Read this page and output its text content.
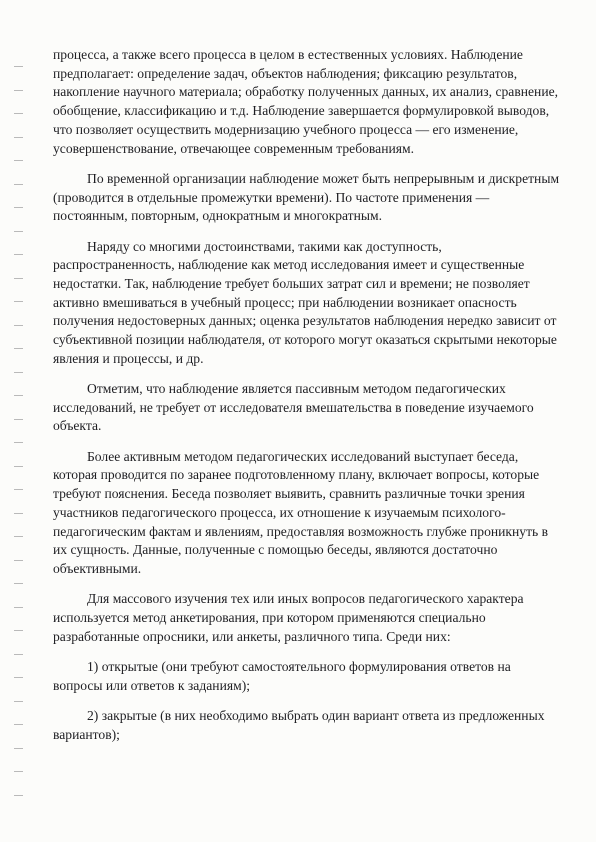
процесса, а также всего процесса в целом в естественных условиях. Наблюдение предполагает: определение задач, объектов наблюдения; фиксацию результатов, накопление научного материала; обработку полученных данных, их анализ, сравнение, обобщение, классификацию и т.д. Наблюдение завершается формулировкой выводов, что позволяет осуществить модернизацию учебного процесса — его изменение, усовершенствование, отвечающее современным требованиям.

По временной организации наблюдение может быть непрерывным и дискретным (проводится в отдельные промежутки времени). По частоте применения — постоянным, повторным, однократным и многократным.

Наряду со многими достоинствами, такими как доступность, распространенность, наблюдение как метод исследования имеет и существенные недостатки. Так, наблюдение требует больших затрат сил и времени; не позволяет активно вмешиваться в учебный процесс; при наблюдении возникает опасность получения недостоверных данных; оценка результатов наблюдения нередко зависит от субъективной позиции наблюдателя, от которого могут оказаться скрытыми некоторые явления и процессы, и др.

Отметим, что наблюдение является пассивным методом педагогических исследований, не требует от исследователя вмешательства в поведение изучаемого объекта.

Более активным методом педагогических исследований выступает беседа, которая проводится по заранее подготовленному плану, включает вопросы, которые требуют пояснения. Беседа позволяет выявить, сравнить различные точки зрения участников педагогического процесса, их отношение к изучаемым психолого-педагогическим фактам и явлениям, предоставляя возможность глубже проникнуть в их сущность. Данные, полученные с помощью беседы, являются достаточно объективными.

Для массового изучения тех или иных вопросов педагогического характера используется метод анкетирования, при котором применяются специально разработанные опросники, или анкеты, различного типа. Среди них:

1) открытые (они требуют самостоятельного формулирования ответов на вопросы или ответов к заданиям);

2) закрытые (в них необходимо выбрать один вариант ответа из предложенных вариантов);
